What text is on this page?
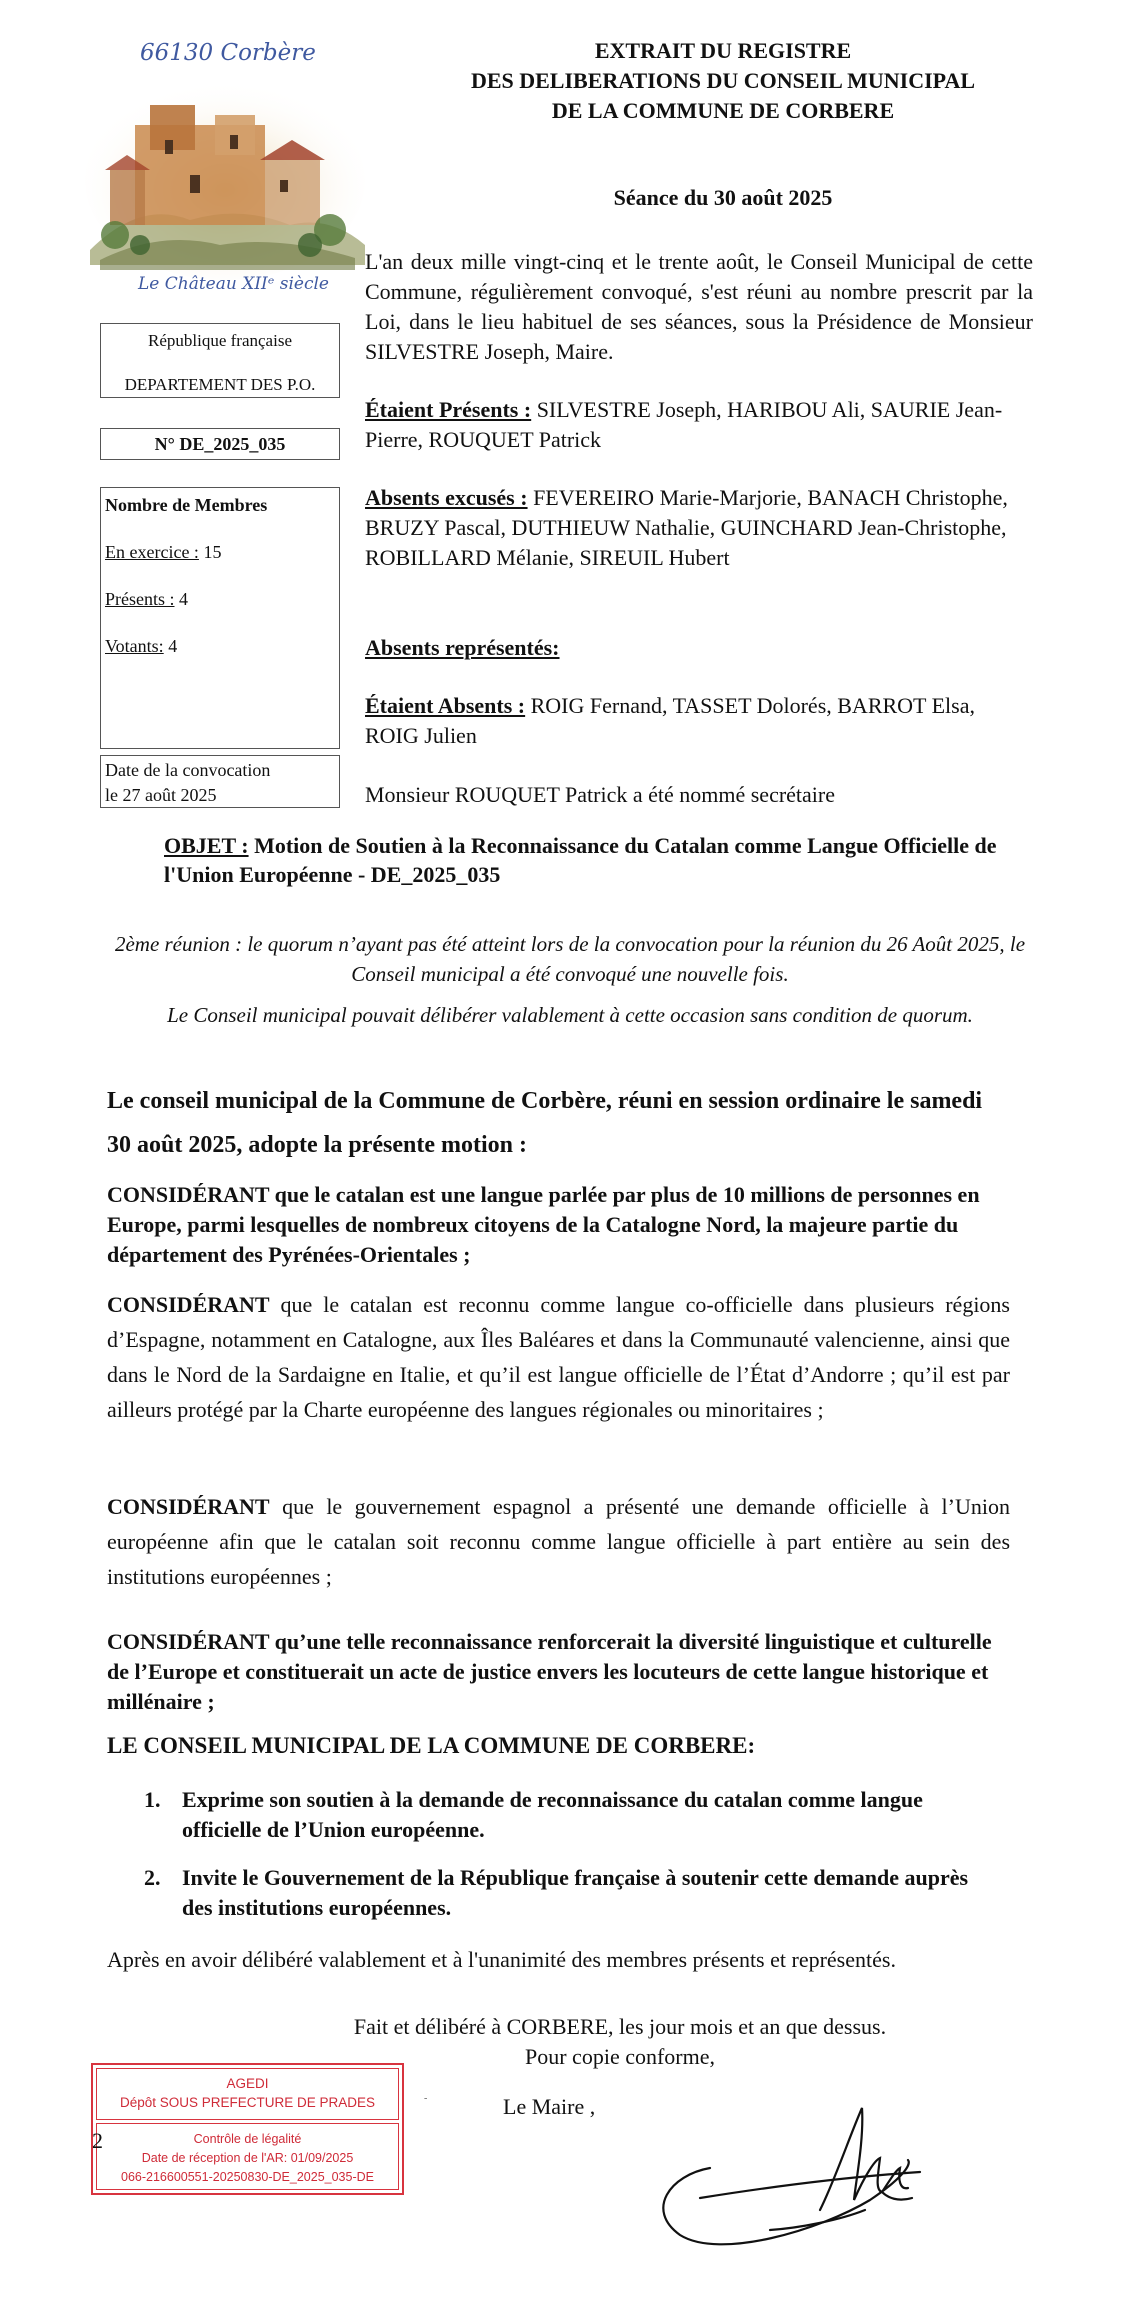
66130 Corbère
Le Château XIIᵉ siècle
République française
DEPARTEMENT DES P.O.
N° DE_2025_035
Nombre de Membres

En exercice : 15

Présents : 4

Votants: 4

Date de la convocation
le 27 août 2025
EXTRAIT DU REGISTRE
DES DELIBERATIONS DU CONSEIL MUNICIPAL
DE LA COMMUNE DE CORBERE
Séance du 30 août 2025
L'an deux mille vingt-cinq et le trente août, le Conseil Municipal de cette Commune, régulièrement convoqué, s'est réuni au nombre prescrit par la Loi, dans le lieu habituel de ses séances, sous la Présidence de Monsieur SILVESTRE Joseph, Maire.
Étaient Présents : SILVESTRE Joseph, HARIBOU Ali, SAURIE Jean-Pierre, ROUQUET Patrick
Absents excusés : FEVEREIRO Marie-Marjorie, BANACH Christophe, BRUZY Pascal, DUTHIEUW Nathalie, GUINCHARD Jean-Christophe, ROBILLARD Mélanie, SIREUIL Hubert
Absents représentés:
Étaient Absents : ROIG Fernand, TASSET Dolorés, BARROT Elsa, ROIG Julien
Monsieur ROUQUET Patrick a été nommé secrétaire
OBJET : Motion de Soutien à la Reconnaissance du Catalan comme Langue Officielle de l'Union Européenne - DE_2025_035
2ème réunion : le quorum n’ayant pas été atteint lors de la convocation pour la réunion du 26 Août 2025, le Conseil municipal a été convoqué une nouvelle fois.
Le Conseil municipal pouvait délibérer valablement à cette occasion sans condition de quorum.
Le conseil municipal de la Commune de Corbère, réuni en session ordinaire le samedi 30 août 2025, adopte la présente motion :
CONSIDÉRANT que le catalan est une langue parlée par plus de 10 millions de personnes en Europe, parmi lesquelles de nombreux citoyens de la Catalogne Nord, la majeure partie du département des Pyrénées-Orientales ;
CONSIDÉRANT que le catalan est reconnu comme langue co-officielle dans plusieurs régions d’Espagne, notamment en Catalogne, aux Îles Baléares et dans la Communauté valencienne, ainsi que dans le Nord de la Sardaigne en Italie, et qu’il est langue officielle de l’État d’Andorre ; qu’il est par ailleurs protégé par la Charte européenne des langues régionales ou minoritaires ;
CONSIDÉRANT que le gouvernement espagnol a présenté une demande officielle à l’Union européenne afin que le catalan soit reconnu comme langue officielle à part entière au sein des institutions européennes ;
CONSIDÉRANT qu’une telle reconnaissance renforcerait la diversité linguistique et culturelle de l’Europe et constituerait un acte de justice envers les locuteurs de cette langue historique et millénaire ;
LE CONSEIL MUNICIPAL DE LA COMMUNE DE CORBERE:
1. Exprime son soutien à la demande de reconnaissance du catalan comme langue officielle de l’Union européenne.
2. Invite le Gouvernement de la République française à soutenir cette demande auprès des institutions européennes.
Après en avoir délibéré valablement et à l'unanimité des membres présents et représentés.
Fait et délibéré à CORBERE, les jour mois et an que dessus.
Pour copie conforme,
Le Maire ,
-
AGEDI
Dépôt SOUS PREFECTURE DE PRADES
Contrôle de légalité
Date de réception de l'AR: 01/09/2025
066-216600551-20250830-DE_2025_035-DE
2
